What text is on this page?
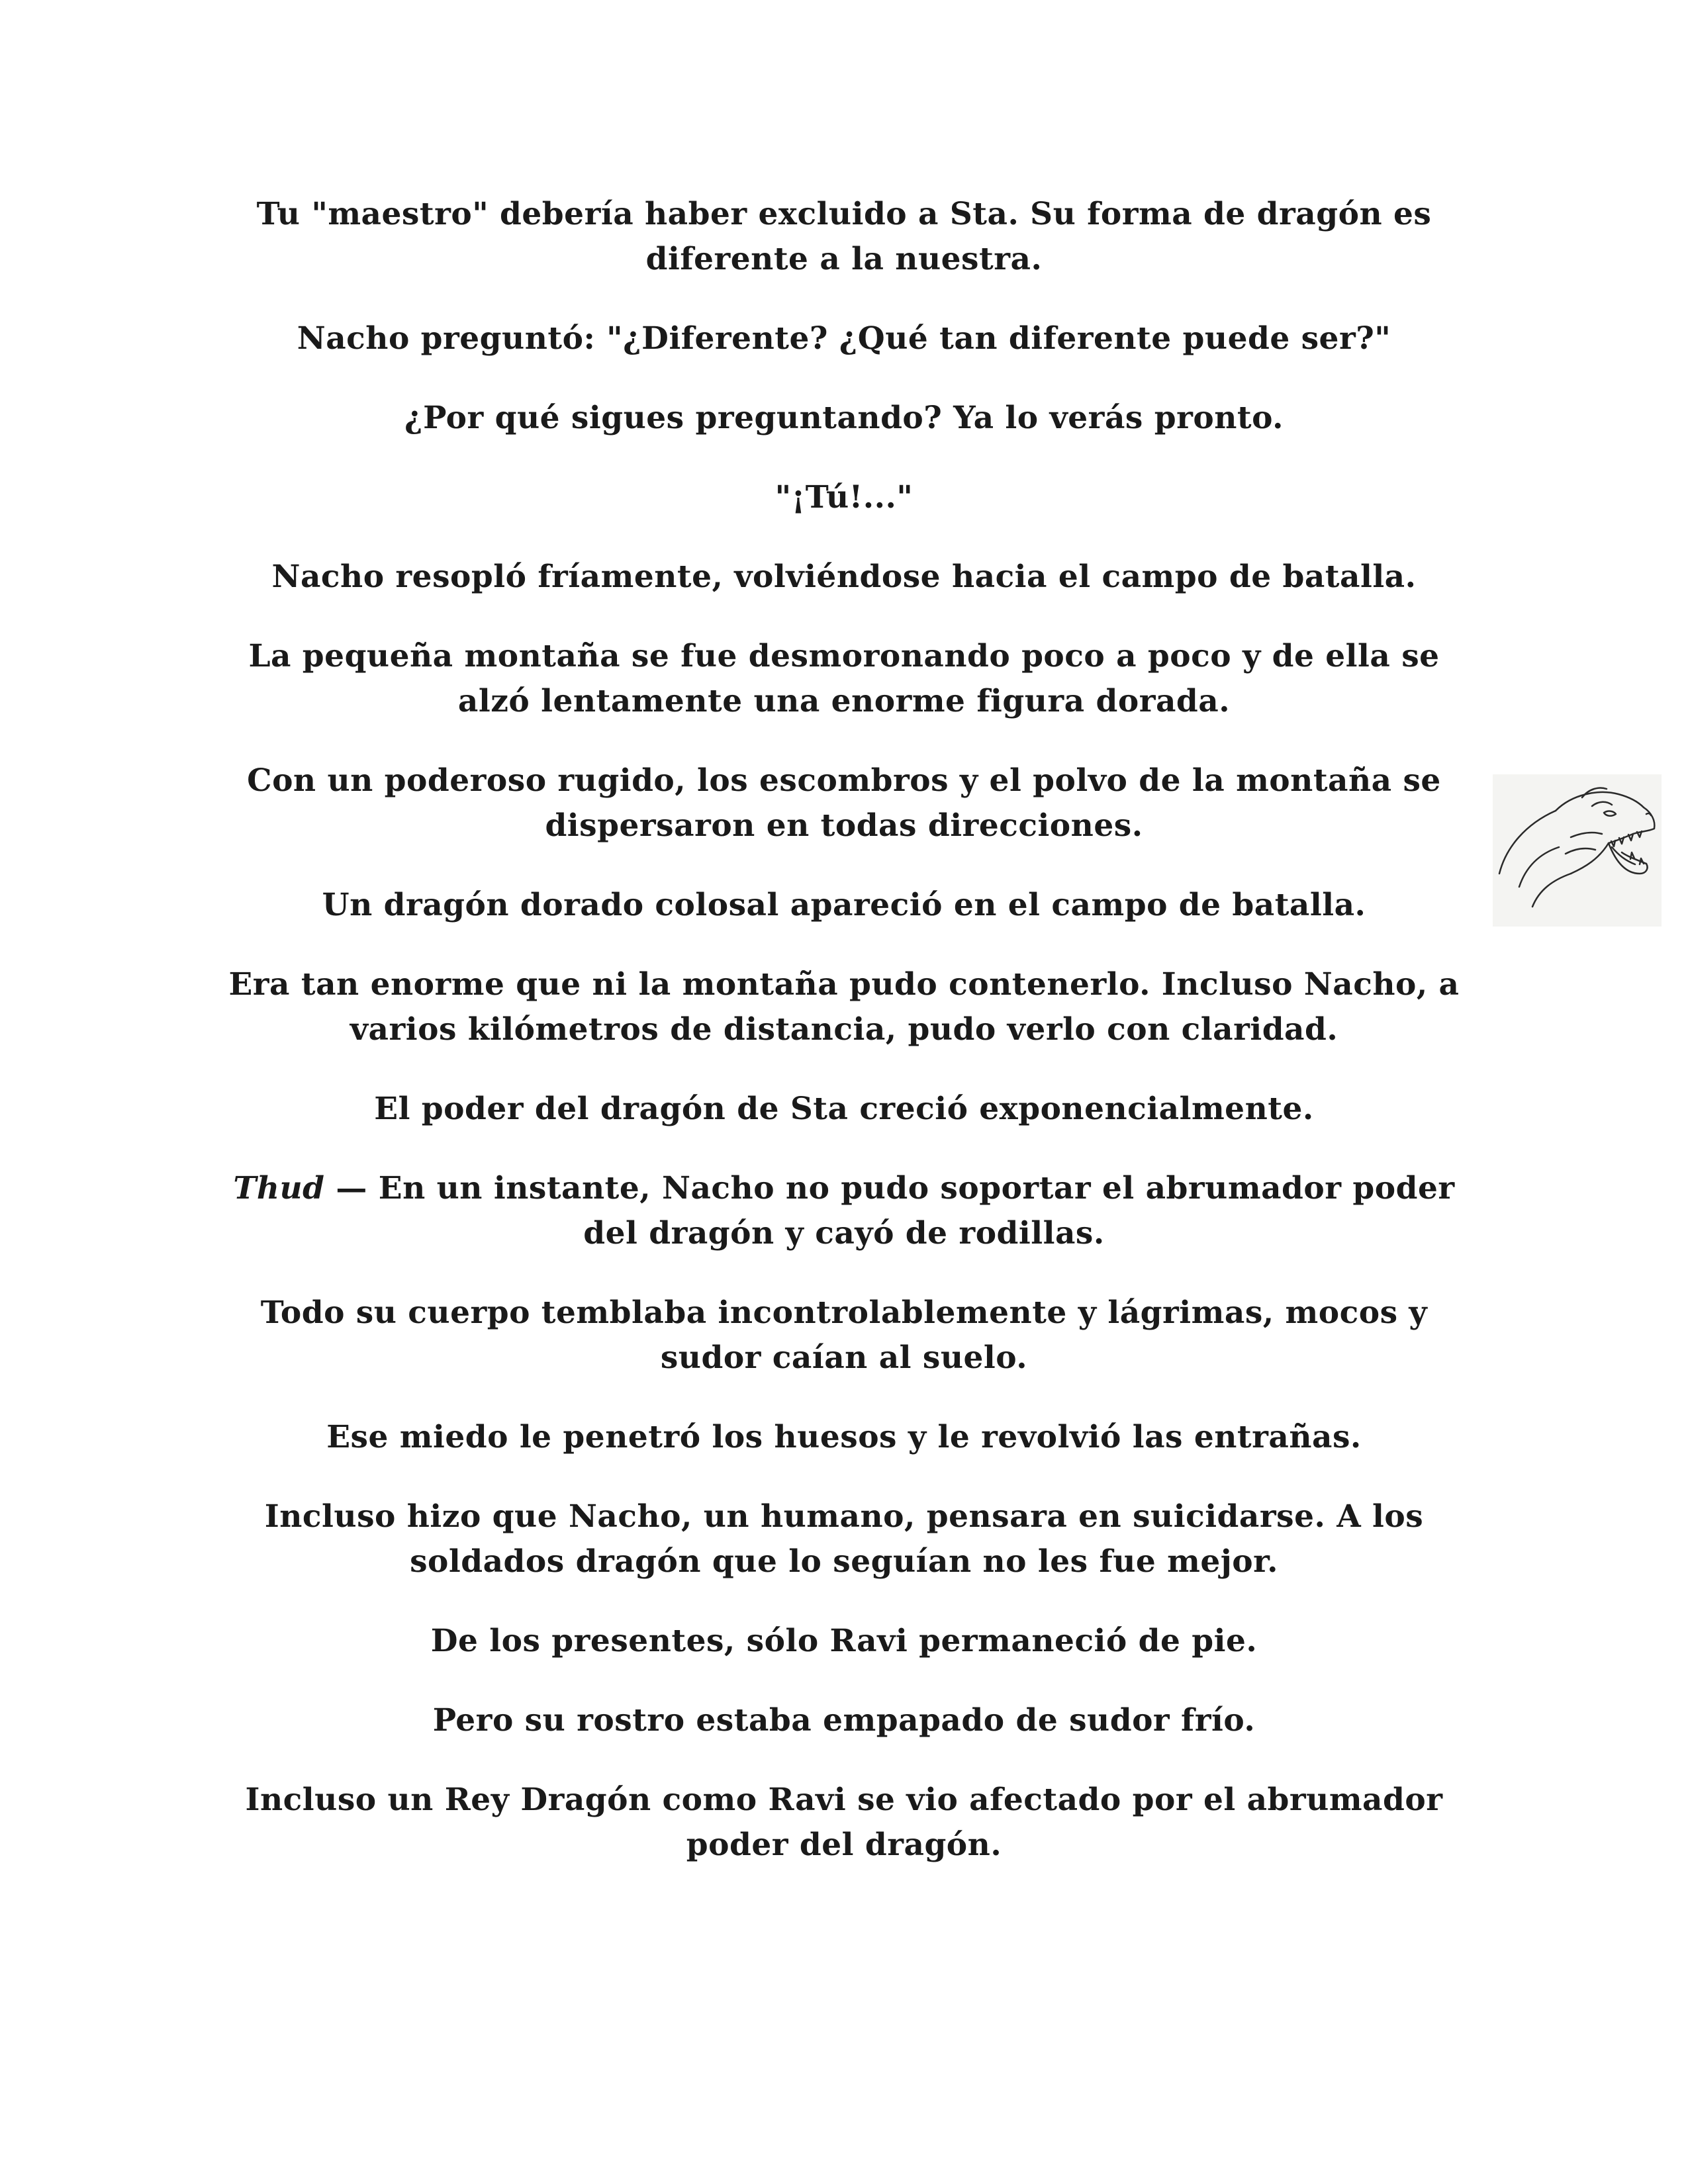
Tu "maestro" debería haber excluido a Sta. Su forma de dragón es diferente a la nuestra.

Nacho preguntó: "¿Diferente? ¿Qué tan diferente puede ser?"

¿Por qué sigues preguntando? Ya lo verás pronto.

"¡Tú!..."

Nacho resopló fríamente, volviéndose hacia el campo de batalla.

La pequeña montaña se fue desmoronando poco a poco y de ella se alzó lentamente una enorme figura dorada.

Con un poderoso rugido, los escombros y el polvo de la montaña se dispersaron en todas direcciones.

Un dragón dorado colosal apareció en el campo de batalla.

Era tan enorme que ni la montaña pudo contenerlo. Incluso Nacho, a varios kilómetros de distancia, pudo verlo con claridad.

El poder del dragón de Sta creció exponencialmente.

Thud — En un instante, Nacho no pudo soportar el abrumador poder del dragón y cayó de rodillas.

Todo su cuerpo temblaba incontrolablemente y lágrimas, mocos y sudor caían al suelo.

Ese miedo le penetró los huesos y le revolvió las entrañas.

Incluso hizo que Nacho, un humano, pensara en suicidarse. A los soldados dragón que lo seguían no les fue mejor.

De los presentes, sólo Ravi permaneció de pie.

Pero su rostro estaba empapado de sudor frío.

Incluso un Rey Dragón como Ravi se vio afectado por el abrumador poder del dragón.
